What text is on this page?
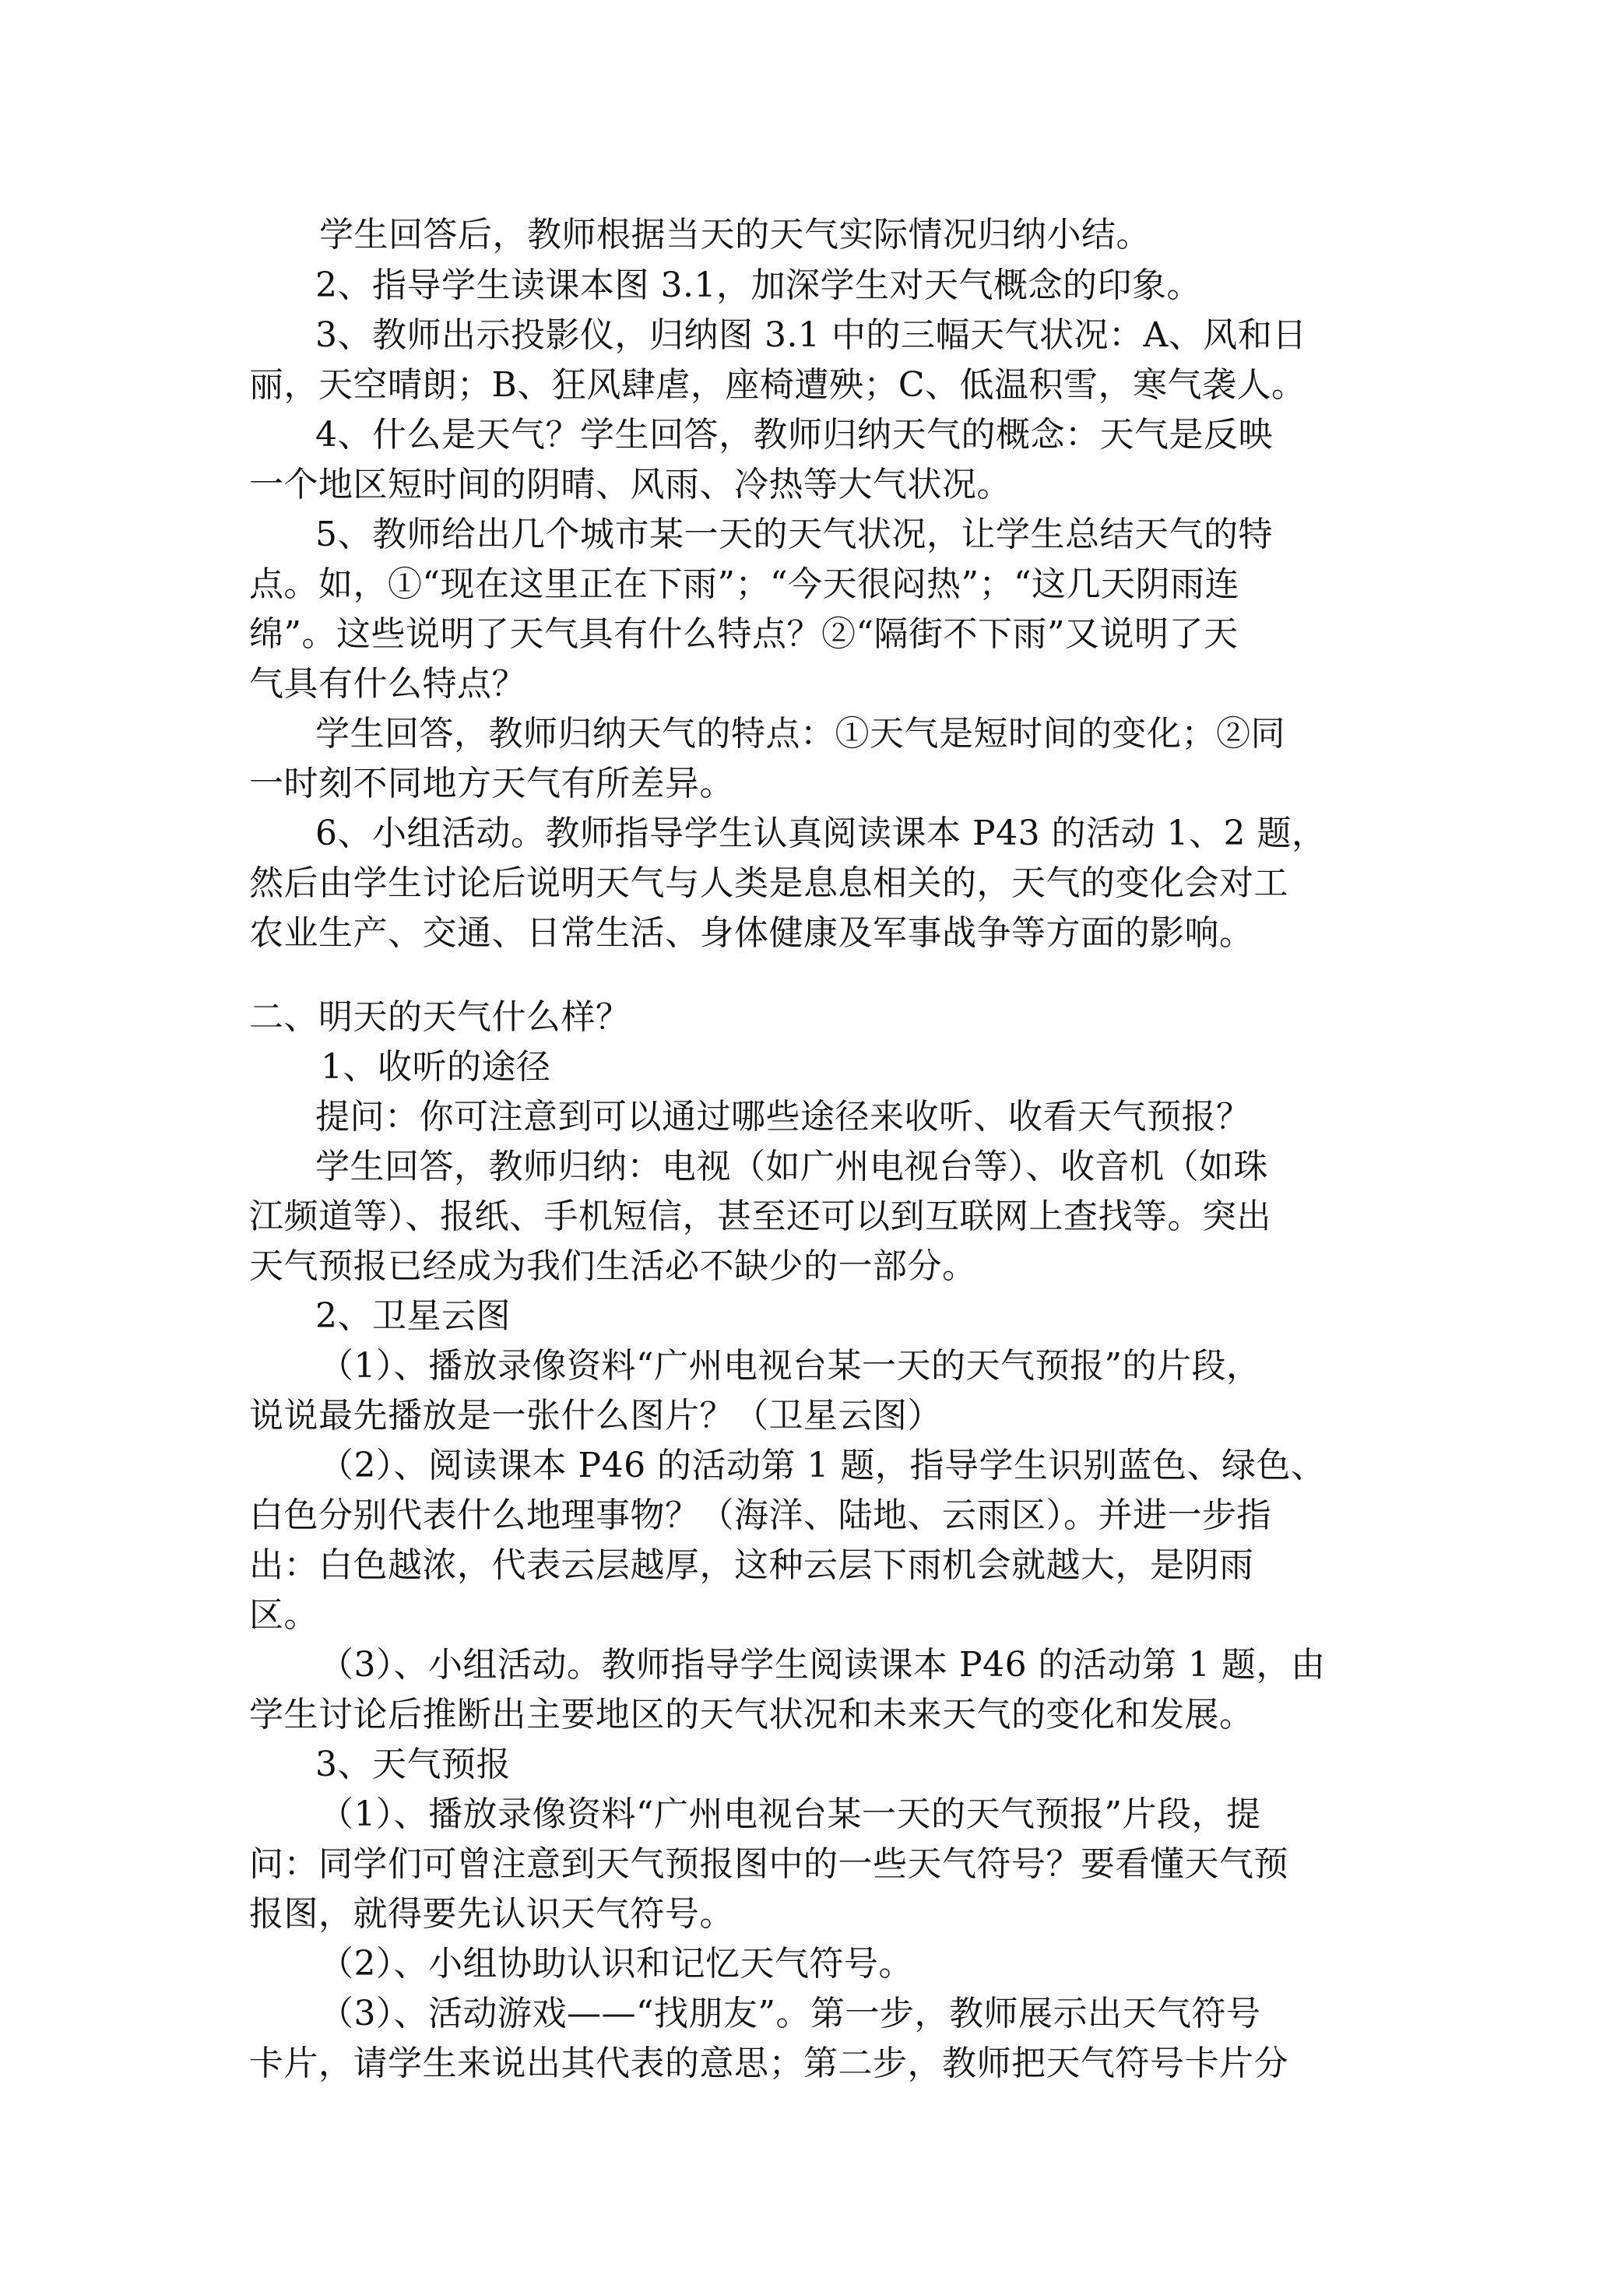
学生回答后，教师根据当天的天气实际情况归纳小结。
2、指导学生读课本图 3.1，加深学生对天气概念的印象。
3、教师出示投影仪，归纳图 3.1 中的三幅天气状况：A、风和日
丽，天空晴朗；B、狂风肆虐，座椅遭殃；C、低温积雪，寒气袭人。
4、什么是天气？学生回答，教师归纳天气的概念：天气是反映
一个地区短时间的阴晴、风雨、冷热等大气状况。
5、教师给出几个城市某一天的天气状况，让学生总结天气的特
点。如，①“现在这里正在下雨”；“今天很闷热”；“这几天阴雨连
绵”。这些说明了天气具有什么特点？②“隔街不下雨”又说明了天
气具有什么特点？
学生回答，教师归纳天气的特点：①天气是短时间的变化；②同
一时刻不同地方天气有所差异。
6、小组活动。教师指导学生认真阅读课本 P43 的活动 1、2 题，
然后由学生讨论后说明天气与人类是息息相关的，天气的变化会对工
农业生产、交通、日常生活、身体健康及军事战争等方面的影响。
二、明天的天气什么样？
1、收听的途径
提问：你可注意到可以通过哪些途径来收听、收看天气预报？
学生回答，教师归纳：电视（如广州电视台等）、收音机（如珠
江频道等）、报纸、手机短信，甚至还可以到互联网上查找等。突出
天气预报已经成为我们生活必不缺少的一部分。
2、卫星云图
（1）、播放录像资料“广州电视台某一天的天气预报”的片段，
说说最先播放是一张什么图片？（卫星云图）
（2）、阅读课本 P46 的活动第 1 题，指导学生识别蓝色、绿色、
白色分别代表什么地理事物？（海洋、陆地、云雨区）。并进一步指
出：白色越浓，代表云层越厚，这种云层下雨机会就越大，是阴雨
区。
（3）、小组活动。教师指导学生阅读课本 P46 的活动第 1 题，由
学生讨论后推断出主要地区的天气状况和未来天气的变化和发展。
3、天气预报
（1）、播放录像资料“广州电视台某一天的天气预报”片段，提
问：同学们可曾注意到天气预报图中的一些天气符号？要看懂天气预
报图，就得要先认识天气符号。
（2）、小组协助认识和记忆天气符号。
（3）、活动游戏——“找朋友”。第一步，教师展示出天气符号
卡片，请学生来说出其代表的意思；第二步，教师把天气符号卡片分
